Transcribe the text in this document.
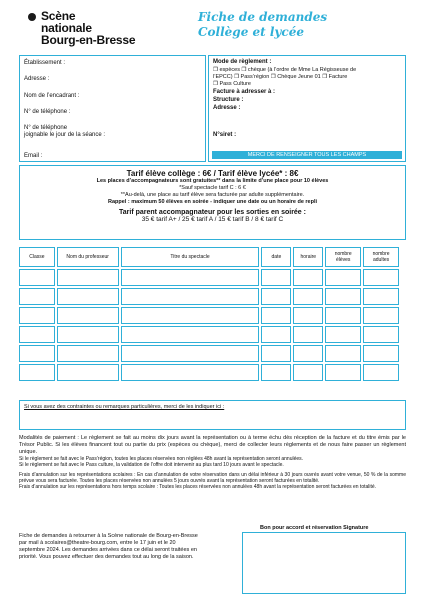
Scène
nationale
Bourg-en-Bresse
Fiche de demandes
Collège et lycée
Établissement :
Adresse :
Nom de l’encadrant :
N° de téléphone :
N° de téléphone
joignable le jour de la séance :
Email :
Mode de règlement :
❒ espèces ❒ chèque (à l’ordre de Mme La Régisseuse de
l’EPCC) ❒ Pass’région ❒ Chèque Jeune 01 ❒ Facture
❒ Pass Culture
Facture à adresser à :
Structure :
Adresse :
N°siret :
MERCI DE RENSEIGNER TOUS LES CHAMPS
Tarif élève collège : 6€ / Tarif élève lycée* : 8€
Les places d’accompagnateurs sont gratuites** dans la limite d’une place pour 10 élèves
*Sauf spectacle tarif C : 6 €
**Au-delà, une place au tarif élève sera facturée par adulte supplémentaire.
Rappel : maximum 50 élèves en soirée - indiquer une date ou un horaire de repli
Tarif parent accompagnateur pour les sorties en soirée :
35 € tarif A+ / 25 € tarif A / 15 € tarif B / 8 € tarif C
Classe	Nom du professeur	Titre du spectacle	date	horaire	nombre élèves	nombre adultes

Si vous avez des contraintes ou remarques particulières, merci de les indiquer ici :
Modalités de paiement : Le règlement se fait au moins dix jours avant la représentation ou à terme échu dès réception de la facture et du titre émis par le Trésor Public. Si les élèves financent tout ou partie du prix (espèces ou chèque), merci de collecter leurs règlements et de nous faire passer un règlement unique.
Si le règlement se fait avec le Pass’région, toutes les places réservées non réglées 48h avant la représentation seront annulées.
Si le règlement se fait avec le Pass culture, la validation de l’offre doit intervenir au plus tard 10 jours avant le spectacle.
Frais d’annulation sur les représentations scolaires : En cas d’annulation de votre réservation dans un délai inférieur à 30 jours ouvrés avant votre venue, 50 % de la somme prévue vous sera facturée. Toutes les places réservées non annulées 5 jours ouvrés avant la représentation seront facturées en totalité.
Frais d’annulation sur les représentations hors temps scolaire : Toutes les places réservées non annulées 48h avant la représentation seront facturées en totalité.
Fiche de demandes à retourner à la Scène nationale de Bourg-en-Bresse par mail à scolaires@theatre-bourg.com, entre le 17 juin et le 20 septembre 2024. Les demandes arrivées dans ce délai seront traitées en priorité. Vous pouvez effectuer des demandes tout au long de la saison.
Bon pour accord et réservation Signature
